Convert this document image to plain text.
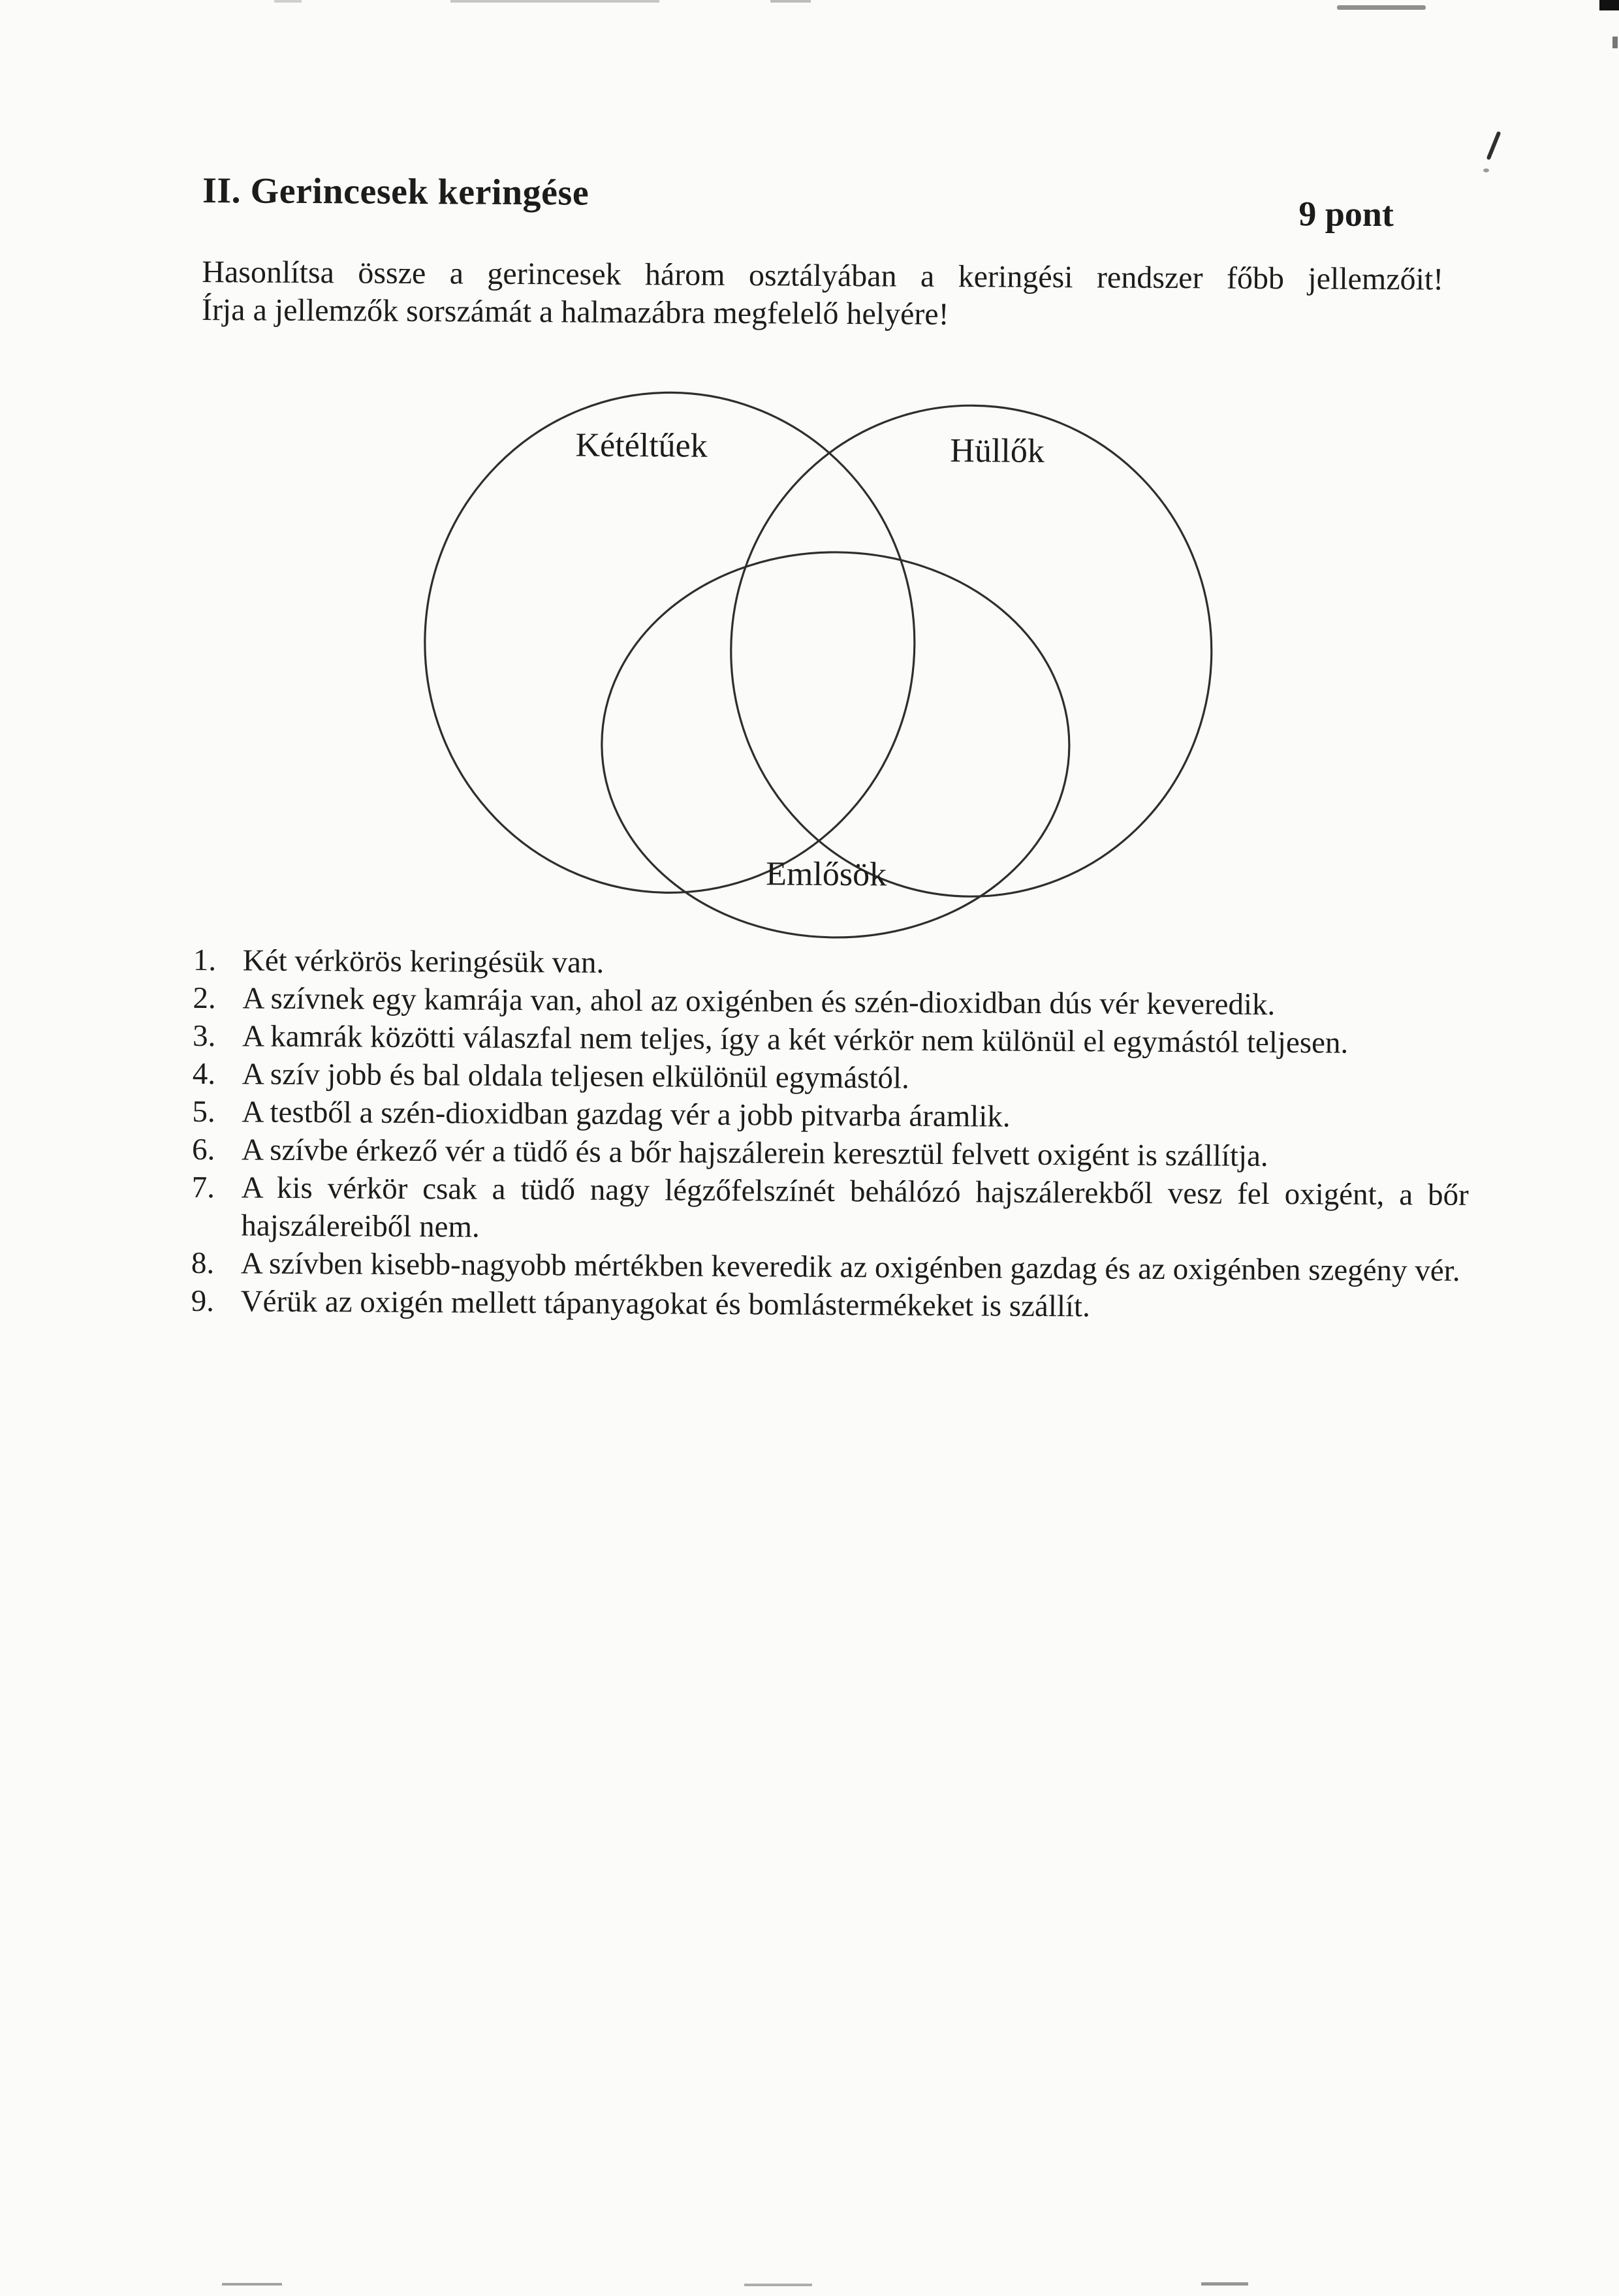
II. Gerincesek keringése
9 pont
Hasonlítsa össze a gerincesek három osztályában a keringési rendszer főbb jellemzőit!
Írja a jellemzők sorszámát a halmazábra megfelelő helyére!
Kétéltűek	Hüllők
Emlősök
1. Két vérkörös keringésük van.
2. A szívnek egy kamrája van, ahol az oxigénben és szén-dioxidban dús vér keveredik.
3. A kamrák közötti válaszfal nem teljes, így a két vérkör nem különül el egymástól teljesen.
4. A szív jobb és bal oldala teljesen elkülönül egymástól.
5. A testből a szén-dioxidban gazdag vér a jobb pitvarba áramlik.
6. A szívbe érkező vér a tüdő és a bőr hajszálerein keresztül felvett oxigént is szállítja.
7. A kis vérkör csak a tüdő nagy légzőfelszínét behálózó hajszálerekből vesz fel oxigént, a bőr hajszálereiből nem.
8. A szívben kisebb-nagyobb mértékben keveredik az oxigénben gazdag és az oxigénben szegény vér.
9. Vérük az oxigén mellett tápanyagokat és bomlástermékeket is szállít.
